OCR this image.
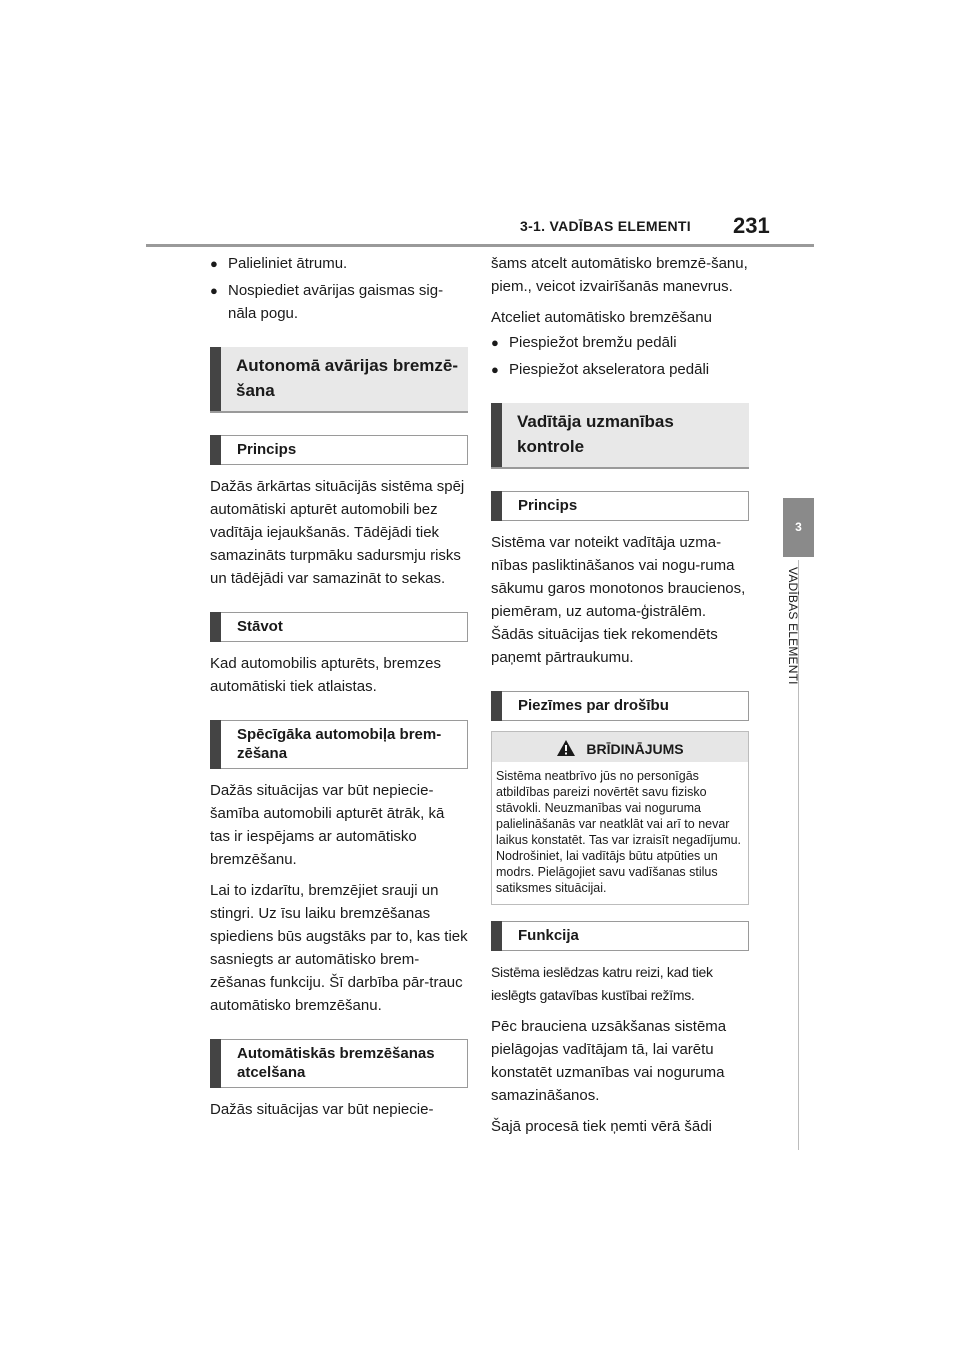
3-1. VADĪBAS ELEMENTI 231
3
VADĪBAS ELEMENTI
● Palieliniet ātrumu.
● Nospiediet avārijas gaismas sig-nāla pogu.
Autonomā avārijas bremzē-šana
Princips
Dažās ārkārtas situācijās sistēma spēj automātiski apturēt automobili bez vadītāja iejaukšanās. Tādējādi tiek samazināts turpmāku sadursmju risks un tādējādi var samazināt to sekas.
Stāvot
Kad automobilis apturēts, bremzes automātiski tiek atlaistas.
Spēcīgāka automobiļa brem-zēšana
Dažās situācijas var būt nepiecie-šamība automobili apturēt ātrāk, kā tas ir iespējams ar automātisko bremzēšanu.
Lai to izdarītu, bremzējiet srauji un stingri. Uz īsu laiku bremzēšanas spiediens būs augstāks par to, kas tiek sasniegts ar automātisko brem-zēšanas funkciju. Šī darbība pār-trauc automātisko bremzēšanu.
Automātiskās bremzēšanas atcelšana
Dažās situācijas var būt nepiecie-
šams atcelt automātisko bremzē-šanu, piem., veicot izvairīšanās manevrus.
Atceliet automātisko bremzēšanu
● Piespiežot bremžu pedāli
● Piespiežot akseleratora pedāli
Vadītāja uzmanības kontrole
Princips
Sistēma var noteikt vadītāja uzma-nības pasliktināšanos vai nogu-ruma sākumu garos monotonos braucienos, piemēram, uz automa-ģistrālēm. Šādās situācijas tiek rekomendēts paņemt pārtraukumu.
Piezīmes par drošību
BRĪDINĀJUMS
Sistēma neatbrīvo jūs no personīgās atbildības pareizi novērtēt savu fizisko stāvokli. Neuzmanības vai noguruma palielināšanās var neatklāt vai arī to nevar laikus konstatēt. Tas var izraisīt negadījumu. Nodrošiniet, lai vadītājs būtu atpūties un modrs. Pielāgojiet savu vadīšanas stilus satiksmes situācijai.
Funkcija
Sistēma ieslēdzas katru reizi, kad tiek ieslēgts gatavības kustībai režīms.
Pēc brauciena uzsākšanas sistēma pielāgojas vadītājam tā, lai varētu konstatēt uzmanības vai noguruma samazināšanos.
Šajā procesā tiek ņemti vērā šādi
